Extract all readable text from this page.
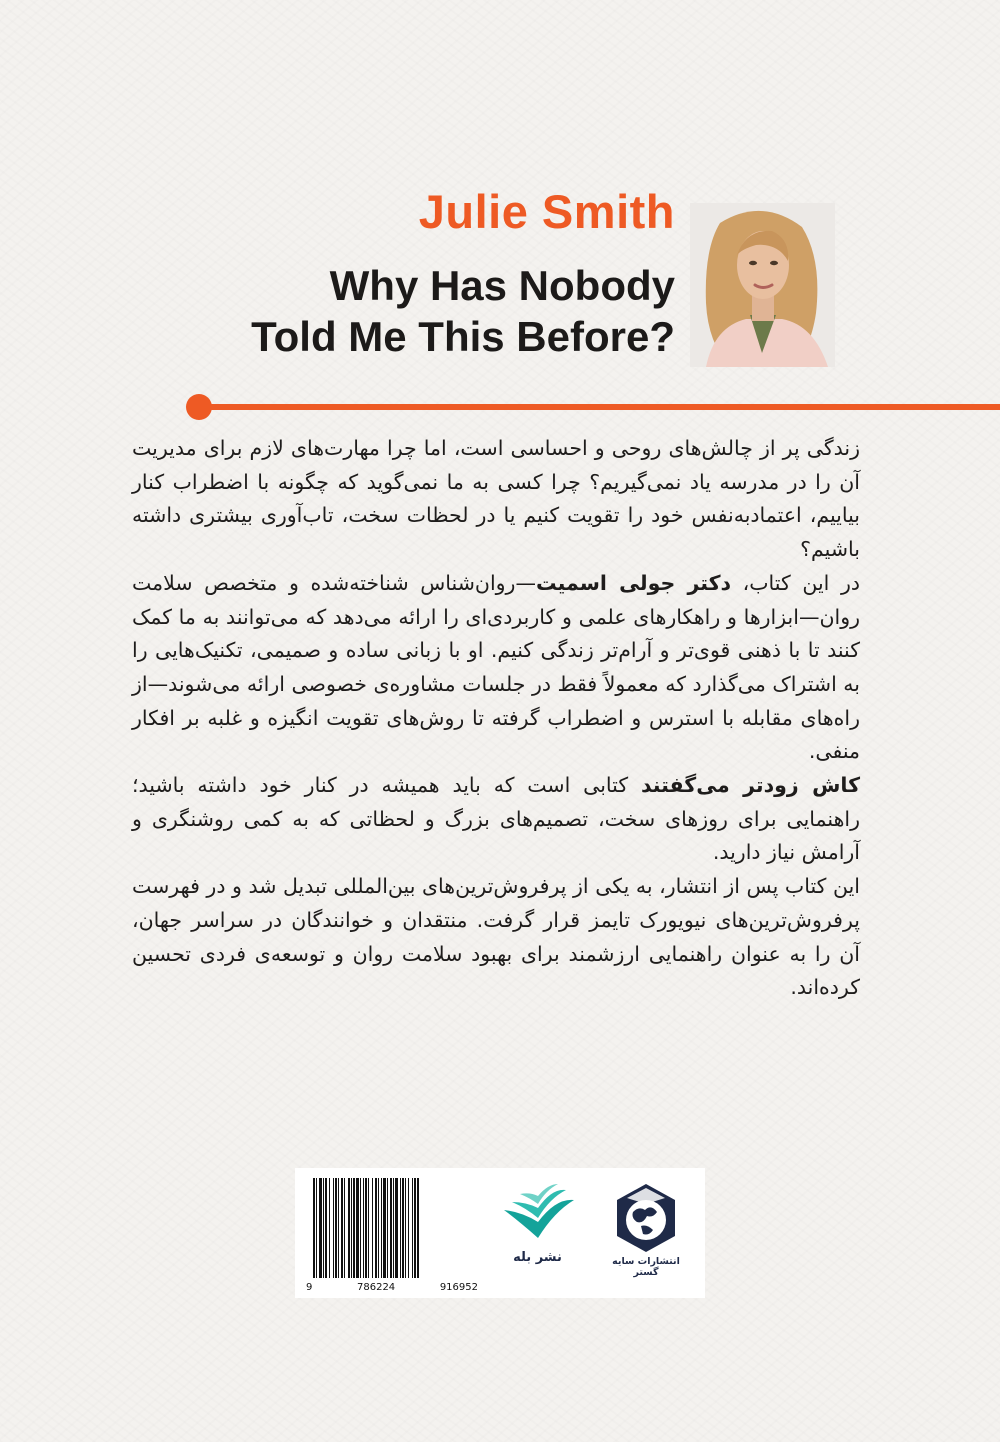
Julie Smith
Why Has Nobody
Told Me This Before?

زندگی پر از چالش‌های روحی و احساسی است، اما چرا مهارت‌های لازم برای مدیریت آن را در مدرسه یاد نمی‌گیریم؟ چرا کسی به ما نمی‌گوید که چگونه با اضطراب کنار بیاییم، اعتمادبه‌نفس خود را تقویت کنیم یا در لحظات سخت، تاب‌آوری بیشتری داشته باشیم؟

در این کتاب، دکتر جولی اسمیت—روان‌شناس شناخته‌شده و متخصص سلامت روان—ابزارها و راهکارهای علمی و کاربردی‌ای را ارائه می‌دهد که می‌توانند به ما کمک کنند تا با ذهنی قوی‌تر و آرام‌تر زندگی کنیم. او با زبانی ساده و صمیمی، تکنیک‌هایی را به اشتراک می‌گذارد که معمولاً فقط در جلسات مشاوره‌ی خصوصی ارائه می‌شوند—از راه‌های مقابله با استرس و اضطراب گرفته تا روش‌های تقویت انگیزه و غلبه بر افکار منفی.

کاش زودتر می‌گفتند کتابی است که باید همیشه در کنار خود داشته باشید؛ راهنمایی برای روزهای سخت، تصمیم‌های بزرگ و لحظاتی که به کمی روشنگری و آرامش نیاز دارید.

این کتاب پس از انتشار، به یکی از پرفروش‌ترین‌های بین‌المللی تبدیل شد و در فهرست پرفروش‌ترین‌های نیویورک تایمز قرار گرفت. منتقدان و خوانندگان در سراسر جهان، آن را به عنوان راهنمایی ارزشمند برای بهبود سلامت روان و توسعه‌ی فردی تحسین کرده‌اند.

9	786224	916952
نشر بله	انتشارات سایه گستر
